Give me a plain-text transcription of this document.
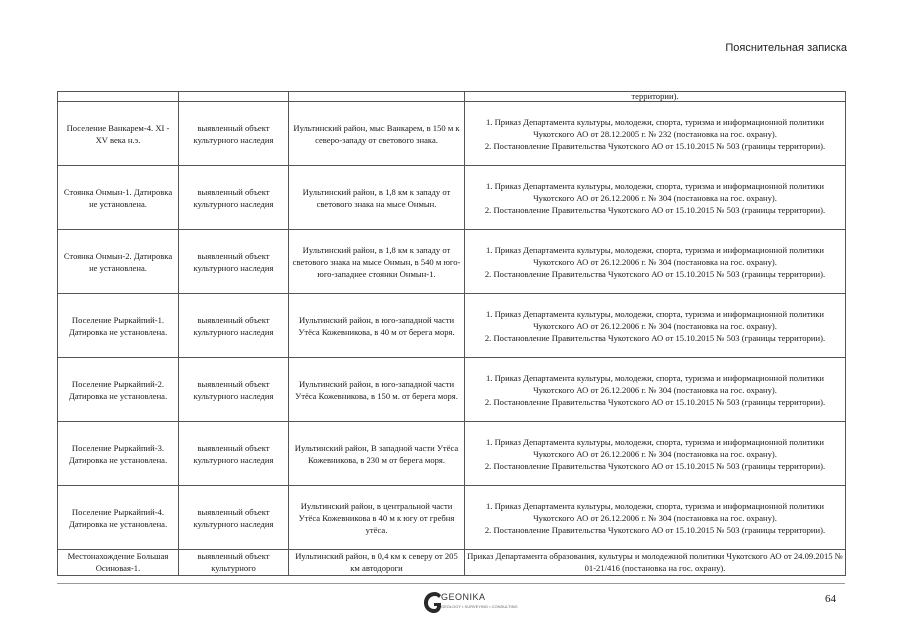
Пояснительная записка
			территории).
Поселение Ванкарем-4. XI - XV века н.э.	выявленный объект культурного наследия	Иультинский район, мыс Ванкарем, в 150 м к северо-западу от светового знака.	1. Приказ Департамента культуры, молодежи, спорта, туризма и информационной политики Чукотского АО от 28.12.2005 г. № 232 (постановка на гос. охрану).
2. Постановление Правительства Чукотского АО от 15.10.2015 № 503 (границы территории).

Стоянка Онмын-1. Датировка не установлена.	выявленный объект культурного наследия	Иультинский район, в 1,8 км к западу от светового знака на мысе Онмын.	1. Приказ Департамента культуры, молодежи, спорта, туризма и информационной политики Чукотского АО от 26.12.2006 г. № 304 (постановка на гос. охрану).
2. Постановление Правительства Чукотского АО от 15.10.2015 № 503 (границы территории).

Стоянка Онмын-2. Датировка не установлена.	выявленный объект культурного наследия	Иультинский район, в 1,8 км к западу от светового знака на мысе Онмын, в 540 м юго-юго-западнее стоянки Онмын-1.	1. Приказ Департамента культуры, молодежи, спорта, туризма и информационной политики Чукотского АО от 26.12.2006 г. № 304 (постановка на гос. охрану).
2. Постановление Правительства Чукотского АО от 15.10.2015 № 503 (границы территории).

Поселение Рыркайпий-1. Датировка не установлена.	выявленный объект культурного наследия	Иультинский район, в юго-западной части Утёса Кожевникова, в 40 м от берега моря.	1. Приказ Департамента культуры, молодежи, спорта, туризма и информационной политики Чукотского АО от 26.12.2006 г. № 304 (постановка на гос. охрану).
2. Постановление Правительства Чукотского АО от 15.10.2015 № 503 (границы территории).

Поселение Рыркайпий-2. Датировка не установлена.	выявленный объект культурного наследия	Иультинский район, в юго-западной части Утёса Кожевникова, в 150 м. от берега моря.	1. Приказ Департамента культуры, молодежи, спорта, туризма и информационной политики Чукотского АО от 26.12.2006 г. № 304 (постановка на гос. охрану).
2. Постановление Правительства Чукотского АО от 15.10.2015 № 503 (границы территории).

Поселение Рыркайпий-3. Датировка не установлена.	выявленный объект культурного наследия	Иультинский район, В западной части Утёса Кожевникова, в 230 м от берега моря.	1. Приказ Департамента культуры, молодежи, спорта, туризма и информационной политики Чукотского АО от 26.12.2006 г. № 304 (постановка на гос. охрану).
2. Постановление Правительства Чукотского АО от 15.10.2015 № 503 (границы территории).

Поселение Рыркайпий-4. Датировка не установлена.	выявленный объект культурного наследия	Иультинский район, в центральной части Утёса Кожевникова в 40 м к югу от гребня утёса.	1. Приказ Департамента культуры, молодежи, спорта, туризма и информационной политики Чукотского АО от 26.12.2006 г. № 304 (постановка на гос. охрану).
2. Постановление Правительства Чукотского АО от 15.10.2015 № 503 (границы территории).

Местонахождение Большая Осиновая-1.	выявленный объект культурного	Иультинский район, в 0,4 км к северу от 205 км автодороги	Приказ Департамента образования, культуры и молодежной политики Чукотского АО от 24.09.2015 № 01-21/416 (постановка на гос. охрану).
GEONIKA
GEOLOGY • SURVEYING • CONSULTING
64
